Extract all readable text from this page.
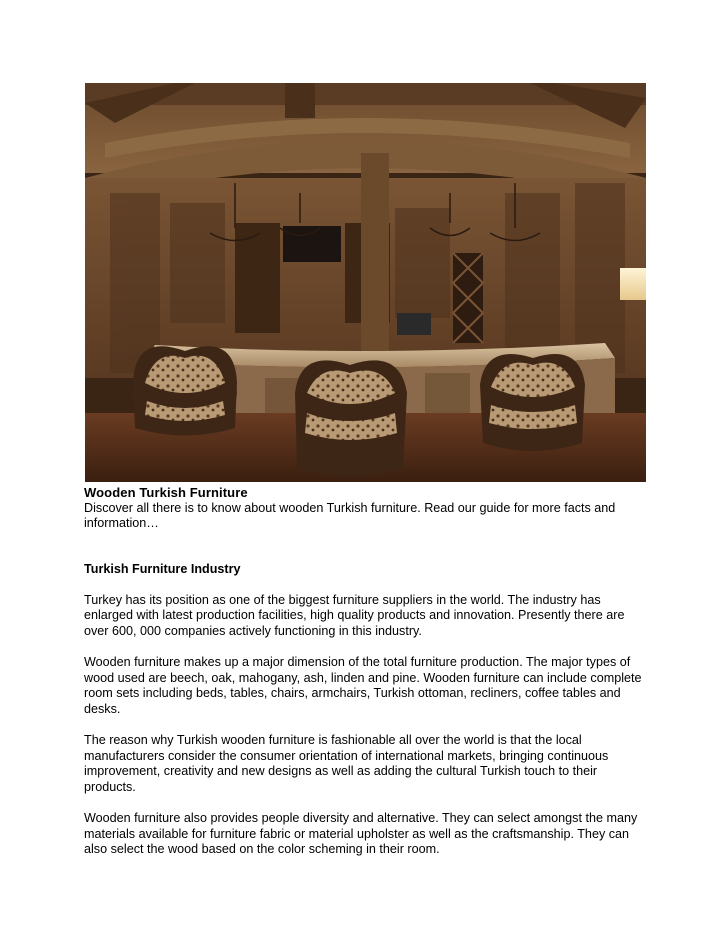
Wooden Turkish Furniture
Discover all there is to know about wooden Turkish furniture. Read our guide for more facts and information…
Turkish Furniture Industry

Turkey has its position as one of the biggest furniture suppliers in the world. The industry has enlarged with latest production facilities, high quality products and innovation. Presently there are over 600, 000 companies actively functioning in this industry.

Wooden furniture makes up a major dimension of the total furniture production. The major types of wood used are beech, oak, mahogany, ash, linden and pine. Wooden furniture can include complete room sets including beds, tables, chairs, armchairs, Turkish ottoman, recliners, coffee tables and desks.

The reason why Turkish wooden furniture is fashionable all over the world is that the local manufacturers consider the consumer orientation of international markets, bringing continuous improvement, creativity and new designs as well as adding the cultural Turkish touch to their products.

Wooden furniture also provides people diversity and alternative. They can select amongst the many materials available for furniture fabric or material upholster as well as the craftsmanship. They can also select the wood based on the color scheming in their room.
